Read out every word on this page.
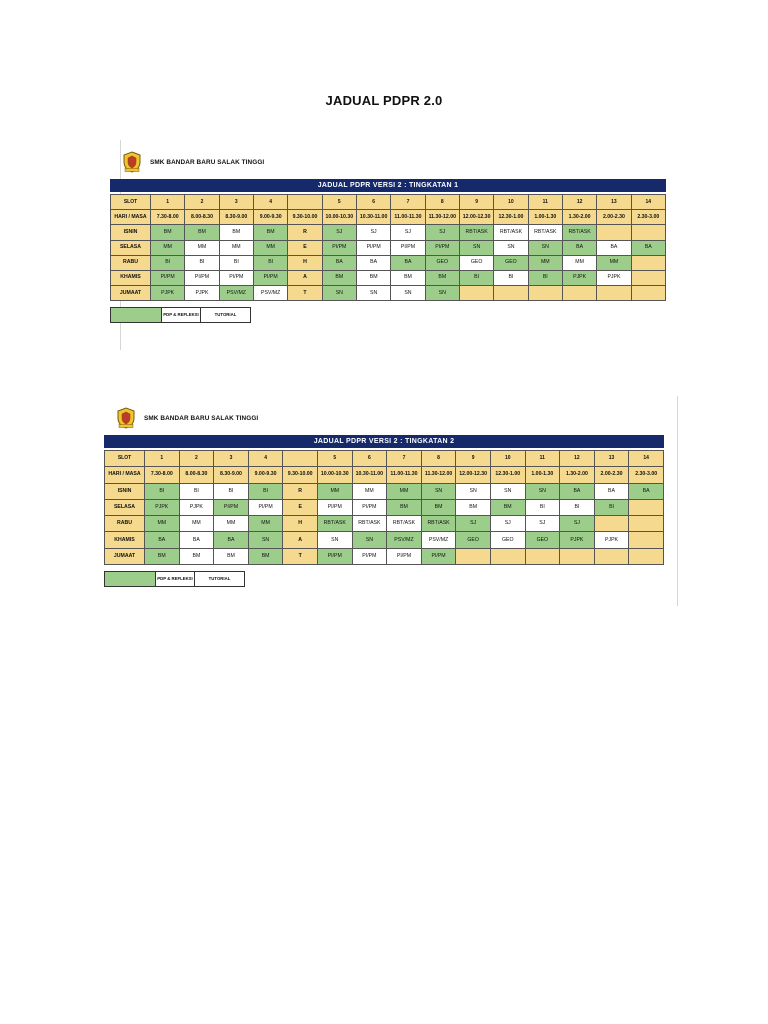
JADUAL PDPR 2.0
SMK BANDAR BARU SALAK TINGGI
JADUAL PDPR VERSI 2 : TINGKATAN 1
SLOT	1	2	3	4		5	6	7	8	9	10	11	12	13	14
HARI / MASA	7.30-8.00	8.00-8.30	8.30-9.00	9.00-9.30	9.30-10.00	10.00-10.30	10.30-11.00	11.00-11.30	11.30-12.00	12.00-12.30	12.30-1.00	1.00-1.30	1.30-2.00	2.00-2.30	2.30-3.00
ISNIN	BM	BM	BM	BM	R	SJ	SJ	SJ	SJ	RBT/ASK	RBT/ASK	RBT/ASK	RBT/ASK		
SELASA	MM	MM	MM	MM	E	PI/PM	PI/PM	PI/PM	PI/PM	SN	SN	SN	BA	BA	BA
RABU	BI	BI	BI	BI	H	BA	BA	BA	GEO	GEO	GEO	MM	MM	MM	
KHAMIS	PI/PM	PI/PM	PI/PM	PI/PM	A	BM	BM	BM	BM	BI	BI	BI	PJPK	PJPK	
JUMAAT	PJPK	PJPK	PSV/MZ	PSV/MZ	T	SN	SN	SN	SN						
PDP & REFLEKSI	TUTORIAL
SMK BANDAR BARU SALAK TINGGI
JADUAL PDPR VERSI 2 : TINGKATAN 2
SLOT	1	2	3	4		5	6	7	8	9	10	11	12	13	14
HARI / MASA	7.30-8.00	8.00-8.30	8.30-9.00	9.00-9.30	9.30-10.00	10.00-10.30	10.30-11.00	11.00-11.30	11.30-12.00	12.00-12.30	12.30-1.00	1.00-1.30	1.30-2.00	2.00-2.30	2.30-3.00
ISNIN	BI	BI	BI	BI	R	MM	MM	MM	SN	SN	SN	SN	BA	BA	BA
SELASA	PJPK	PJPK	PI/PM	PI/PM	E	PI/PM	PI/PM	BM	BM	BM	BM	BI	BI	BI	
RABU	MM	MM	MM	MM	H	RBT/ASK	RBT/ASK	RBT/ASK	RBT/ASK	SJ	SJ	SJ	SJ		
KHAMIS	BA	BA	BA	SN	A	SN	SN	PSV/MZ	PSV/MZ	GEO	GEO	GEO	PJPK	PJPK	
JUMAAT	BM	BM	BM	BM	T	PI/PM	PI/PM	PI/PM	PI/PM						
PDP & REFLEKSI	TUTORIAL
